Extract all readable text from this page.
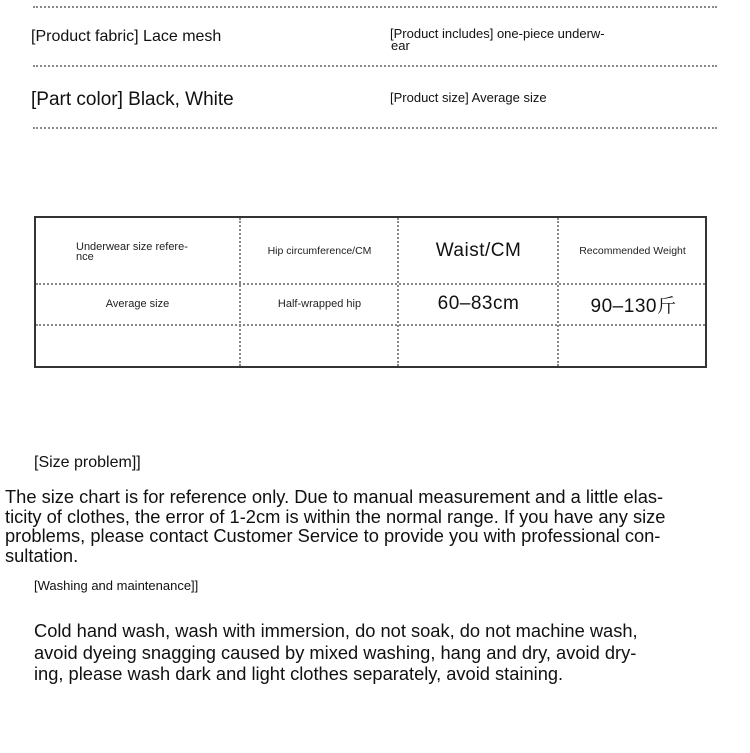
[Product fabric] Lace mesh	[Product includes] one-piece underw-
ear
[Part color] Black, White	[Product size] Average size
Underwear size refere-
nce
Hip circumference/CM	Waist/CM	Recommended Weight
Average size	Half-wrapped hip	60–83cm	90–130斤
[Size problem]]
The size chart is for reference only. Due to manual measurement and a little elas-
ticity of clothes, the error of 1-2cm is within the normal range. If you have any size
problems, please contact Customer Service to provide you with professional con-
sultation.
[Washing and maintenance]]
Cold hand wash, wash with immersion, do not soak, do not machine wash,
avoid dyeing snagging caused by mixed washing, hang and dry, avoid dry-
ing, please wash dark and light clothes separately, avoid staining.
